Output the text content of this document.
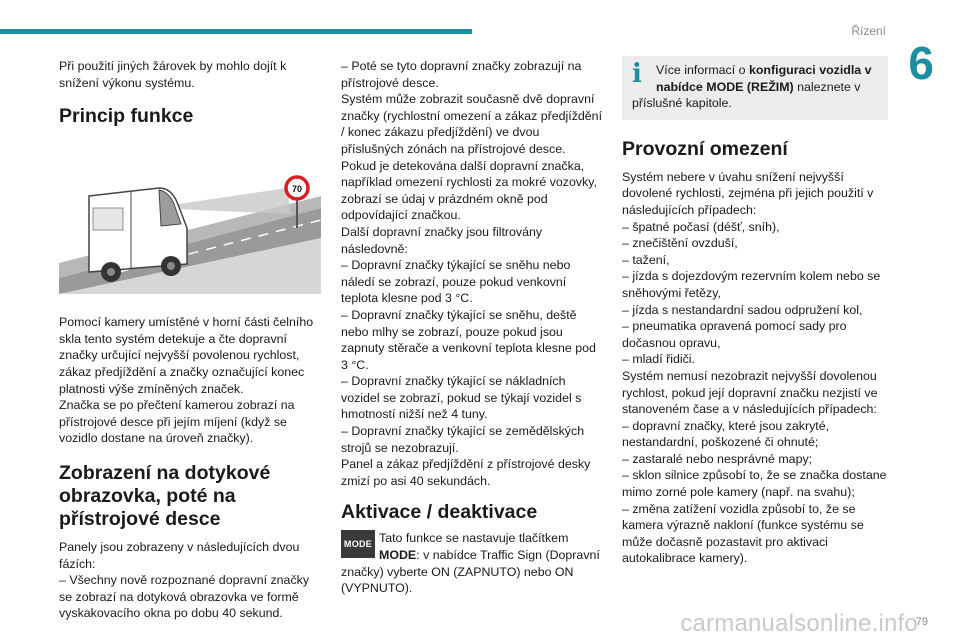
Řízení
6

Při použití jiných žárovek by mohlo dojít k snížení výkonu systému.

Princip funkce
70

Pomocí kamery umístěné v horní části čelního skla tento systém detekuje a čte dopravní značky určující nejvyšší povolenou rychlost, zákaz předjíždění a značky označující konec platnosti výše zmíněných značek.

Značka se po přečtení kamerou zobrazí na přístrojové desce při jejím míjení (když se vozidlo dostane na úroveň značky).

Zobrazení na dotykové obrazovka, poté na přístrojové desce

Panely jsou zobrazeny v následujících dvou fázích:

– Všechny nově rozpoznané dopravní značky se zobrazí na dotyková obrazovka ve formě vyskakovacího okna po dobu 40 sekund.

– Poté se tyto dopravní značky zobrazují na přístrojové desce.

Systém může zobrazit současně dvě dopravní značky (rychlostní omezení a zákaz předjíždění / konec zákazu předjíždění) ve dvou příslušných zónách na přístrojové desce.

Pokud je detekována další dopravní značka, například omezení rychlosti za mokré vozovky, zobrazí se údaj v prázdném okně pod odpovídající značkou.

Další dopravní značky jsou filtrovány následovně:

– Dopravní značky týkající se sněhu nebo náledí se zobrazí, pouze pokud venkovní teplota klesne pod 3 °C.

– Dopravní značky týkající se sněhu, deště nebo mlhy se zobrazí, pouze pokud jsou zapnuty stěrače a venkovní teplota klesne pod 3 °C.

– Dopravní značky týkající se nákladních vozidel se zobrazí, pokud se týkají vozidel s hmotností nižší než 4 tuny.

– Dopravní značky týkající se zemědělských strojů se nezobrazují.

Panel a zákaz předjíždění z přístrojové desky zmizí po asi 40 sekundách.

Aktivace / deaktivace
MODE Tato funkce se nastavuje tlačítkem MODE: v nabídce Traffic Sign (Dopravní značky) vyberte ON (ZAPNUTO) nebo ON (VYPNUTO).
i Více informací o konfiguraci vozidla v nabídce MODE (REŽIM) naleznete v příslušné kapitole.
Provozní omezení

Systém nebere v úvahu snížení nejvyšší dovolené rychlosti, zejména při jejich použití v následujících případech:

– špatné počasí (déšť, sníh),

– znečištění ovzduší,

– tažení,

– jízda s dojezdovým rezervním kolem nebo se sněhovými řetězy,

– jízda s nestandardní sadou odpružení kol,

– pneumatika opravená pomocí sady pro dočasnou opravu,

– mladí řidiči.

Systém nemusí nezobrazit nejvyšší dovolenou rychlost, pokud její dopravní značku nezjistí ve stanoveném čase a v následujících případech:

– dopravní značky, které jsou zakryté, nestandardní, poškozené či ohnuté;

– zastaralé nebo nesprávné mapy;

– sklon silnice způsobí to, že se značka dostane mimo zorné pole kamery (např. na svahu);

– změna zatížení vozidla způsobí to, že se kamera výrazně nakloní (funkce systému se může dočasně pozastavit pro aktivaci autokalibrace kamery).

79
carmanualsonline.info
